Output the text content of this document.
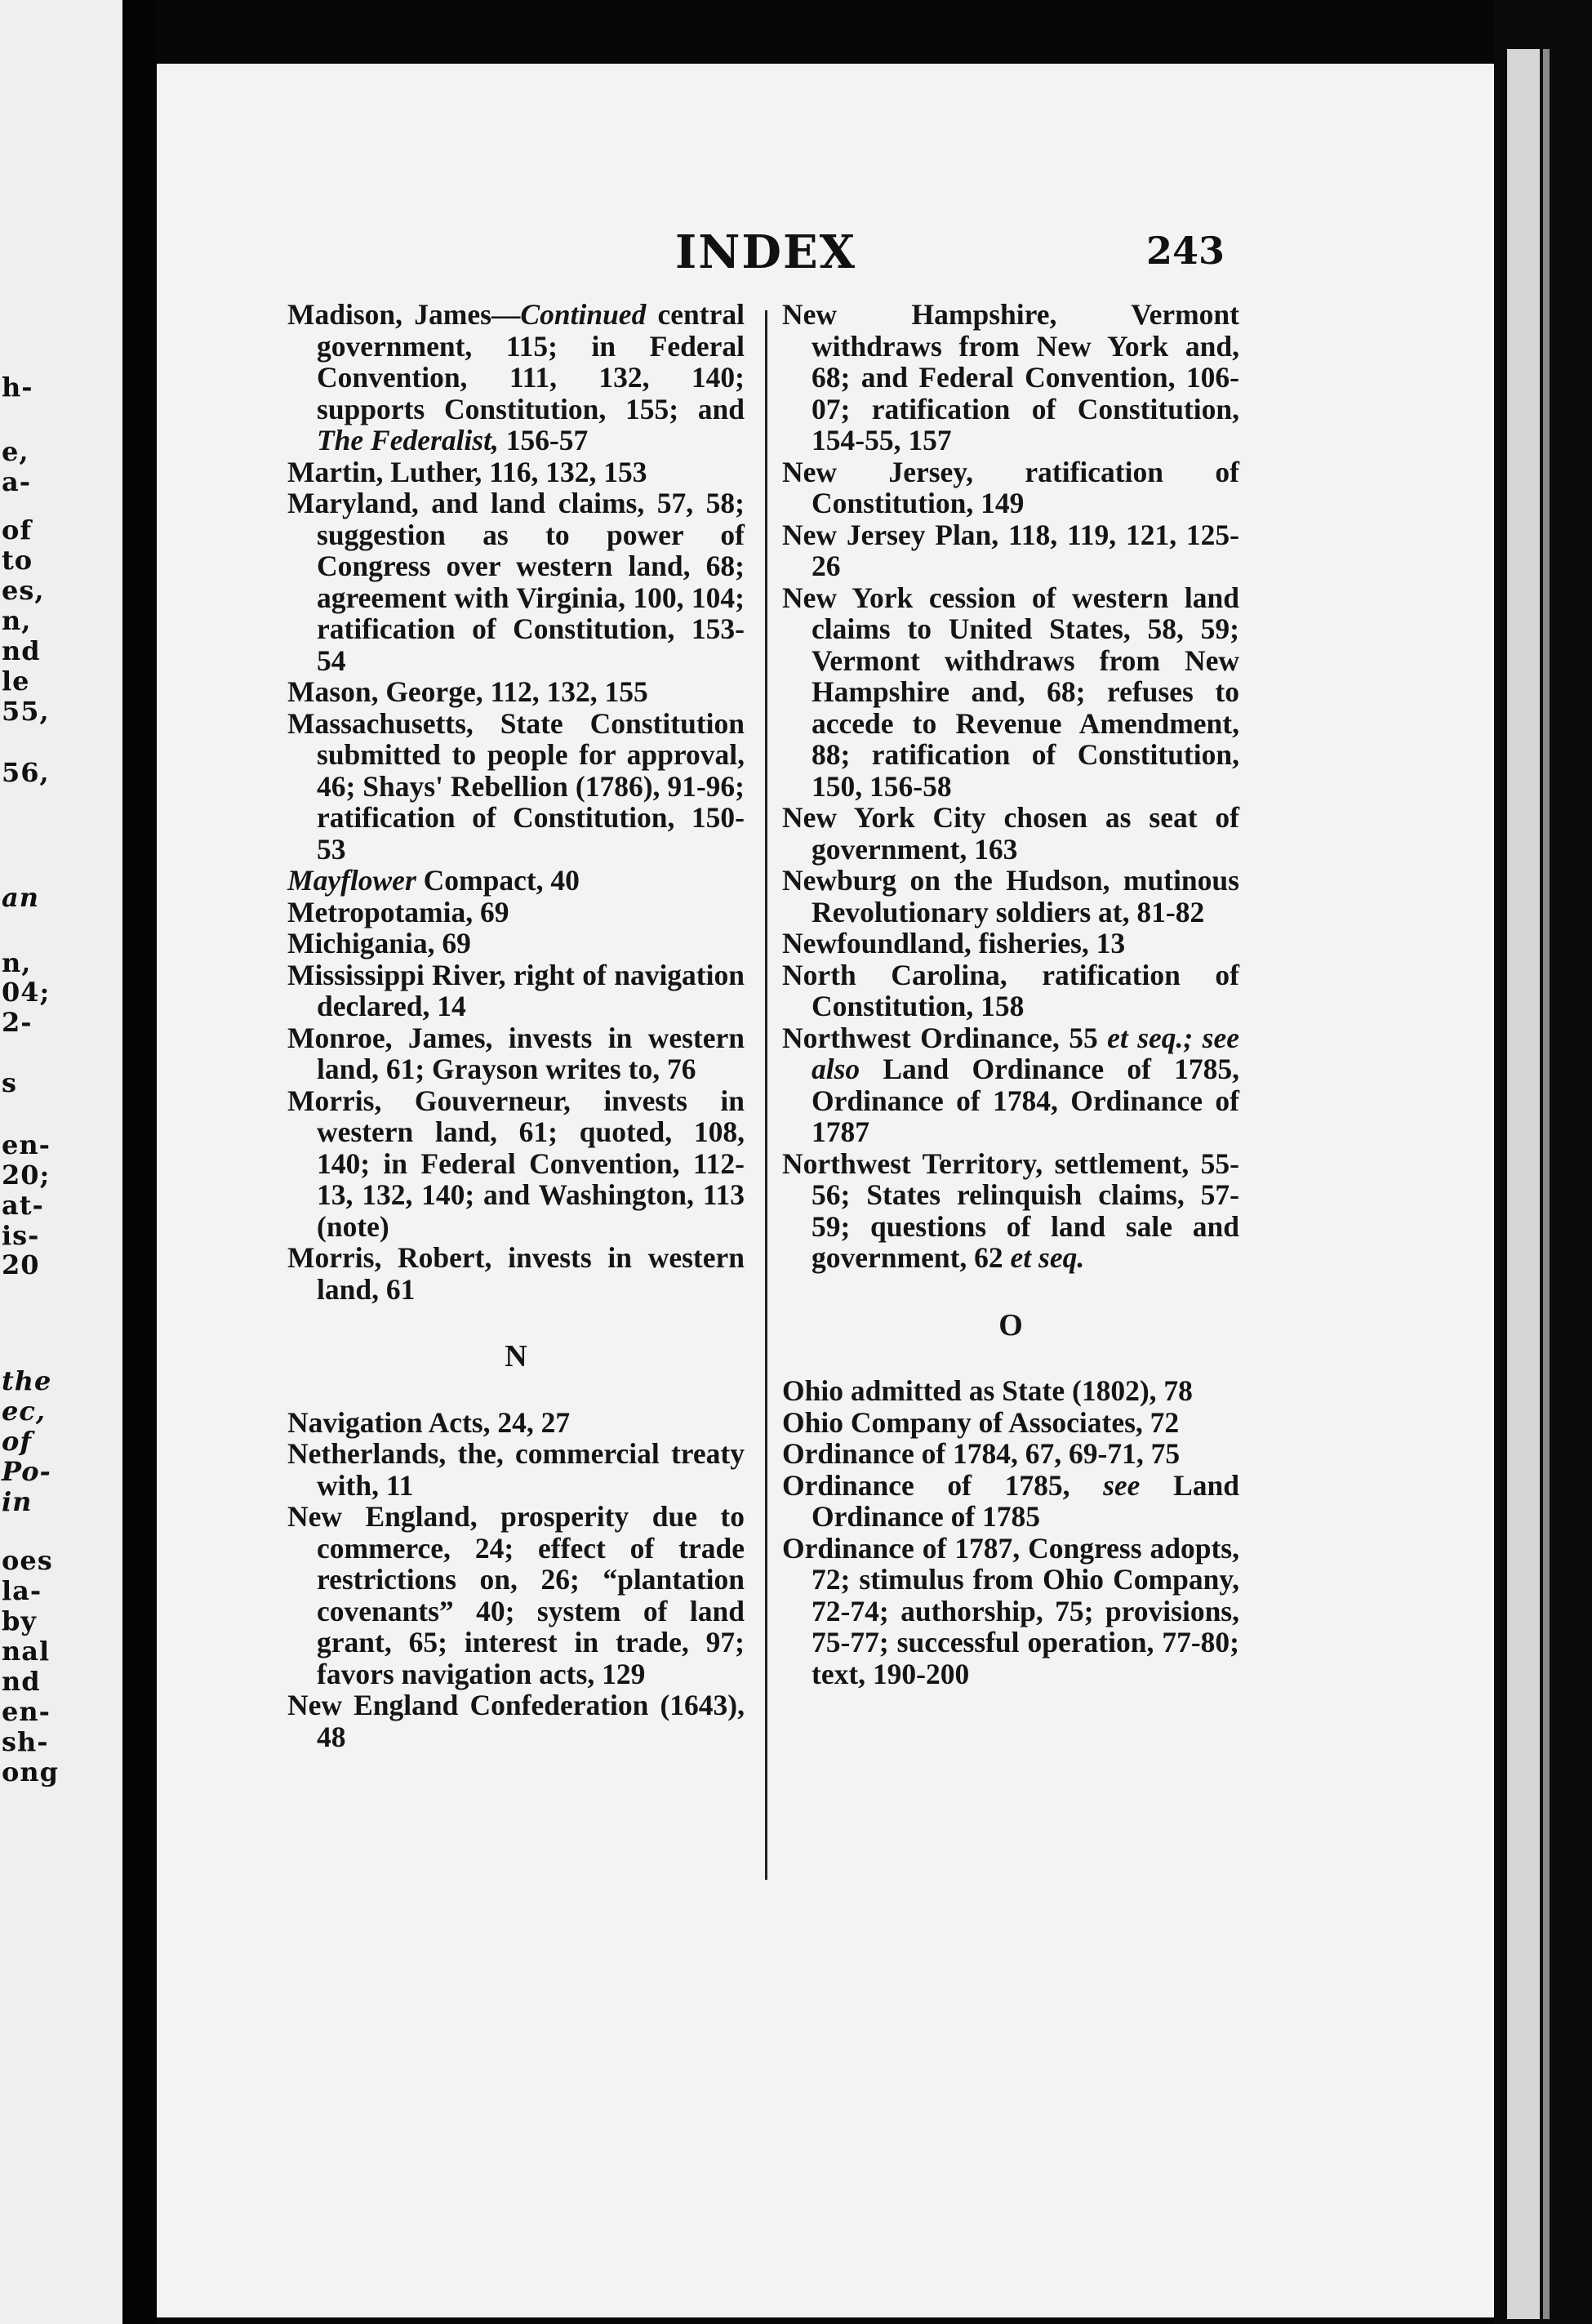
h-
e,
a-
of
to
es,
n,
nd
le
55,
56,
an
n,
04;
2-
s
en-
20;
at-
is-
20
the
ec,
of
Po-
in
oes
la-
by
nal
nd
en-
sh-
ong
INDEX	243
Madison, James—Continued central government, 115; in Federal Convention, 111, 132, 140; supports Constitution, 155; and The Federalist, 156-57
Martin, Luther, 116, 132, 153
Maryland, and land claims, 57, 58; suggestion as to power of Congress over western land, 68; agreement with Virginia, 100, 104; ratification of Constitution, 153-54
Mason, George, 112, 132, 155
Massachusetts, State Constitution submitted to people for approval, 46; Shays' Rebellion (1786), 91-96; ratification of Constitution, 150-53
Mayflower Compact, 40
Metropotamia, 69
Michigania, 69
Mississippi River, right of navigation declared, 14
Monroe, James, invests in western land, 61; Grayson writes to, 76
Morris, Gouverneur, invests in western land, 61; quoted, 108, 140; in Federal Convention, 112-13, 132, 140; and Washington, 113 (note)
Morris, Robert, invests in western land, 61
N
Navigation Acts, 24, 27
Netherlands, the, commercial treaty with, 11
New England, prosperity due to commerce, 24; effect of trade restrictions on, 26; “plantation covenants” 40; system of land grant, 65; interest in trade, 97; favors navigation acts, 129
New England Confederation (1643), 48
New Hampshire, Vermont withdraws from New York and, 68; and Federal Convention, 106-07; ratification of Constitution, 154-55, 157
New Jersey, ratification of Constitution, 149
New Jersey Plan, 118, 119, 121, 125-26
New York cession of western land claims to United States, 58, 59; Vermont withdraws from New Hampshire and, 68; refuses to accede to Revenue Amendment, 88; ratification of Constitution, 150, 156-58
New York City chosen as seat of government, 163
Newburg on the Hudson, mutinous Revolutionary soldiers at, 81-82
Newfoundland, fisheries, 13
North Carolina, ratification of Constitution, 158
Northwest Ordinance, 55 et seq.; see also Land Ordinance of 1785, Ordinance of 1784, Ordinance of 1787
Northwest Territory, settlement, 55-56; States relinquish claims, 57-59; questions of land sale and government, 62 et seq.
O
Ohio admitted as State (1802), 78
Ohio Company of Associates, 72
Ordinance of 1784, 67, 69-71, 75
Ordinance of 1785, see Land Ordinance of 1785
Ordinance of 1787, Congress adopts, 72; stimulus from Ohio Company, 72-74; authorship, 75; provisions, 75-77; successful operation, 77-80; text, 190-200
